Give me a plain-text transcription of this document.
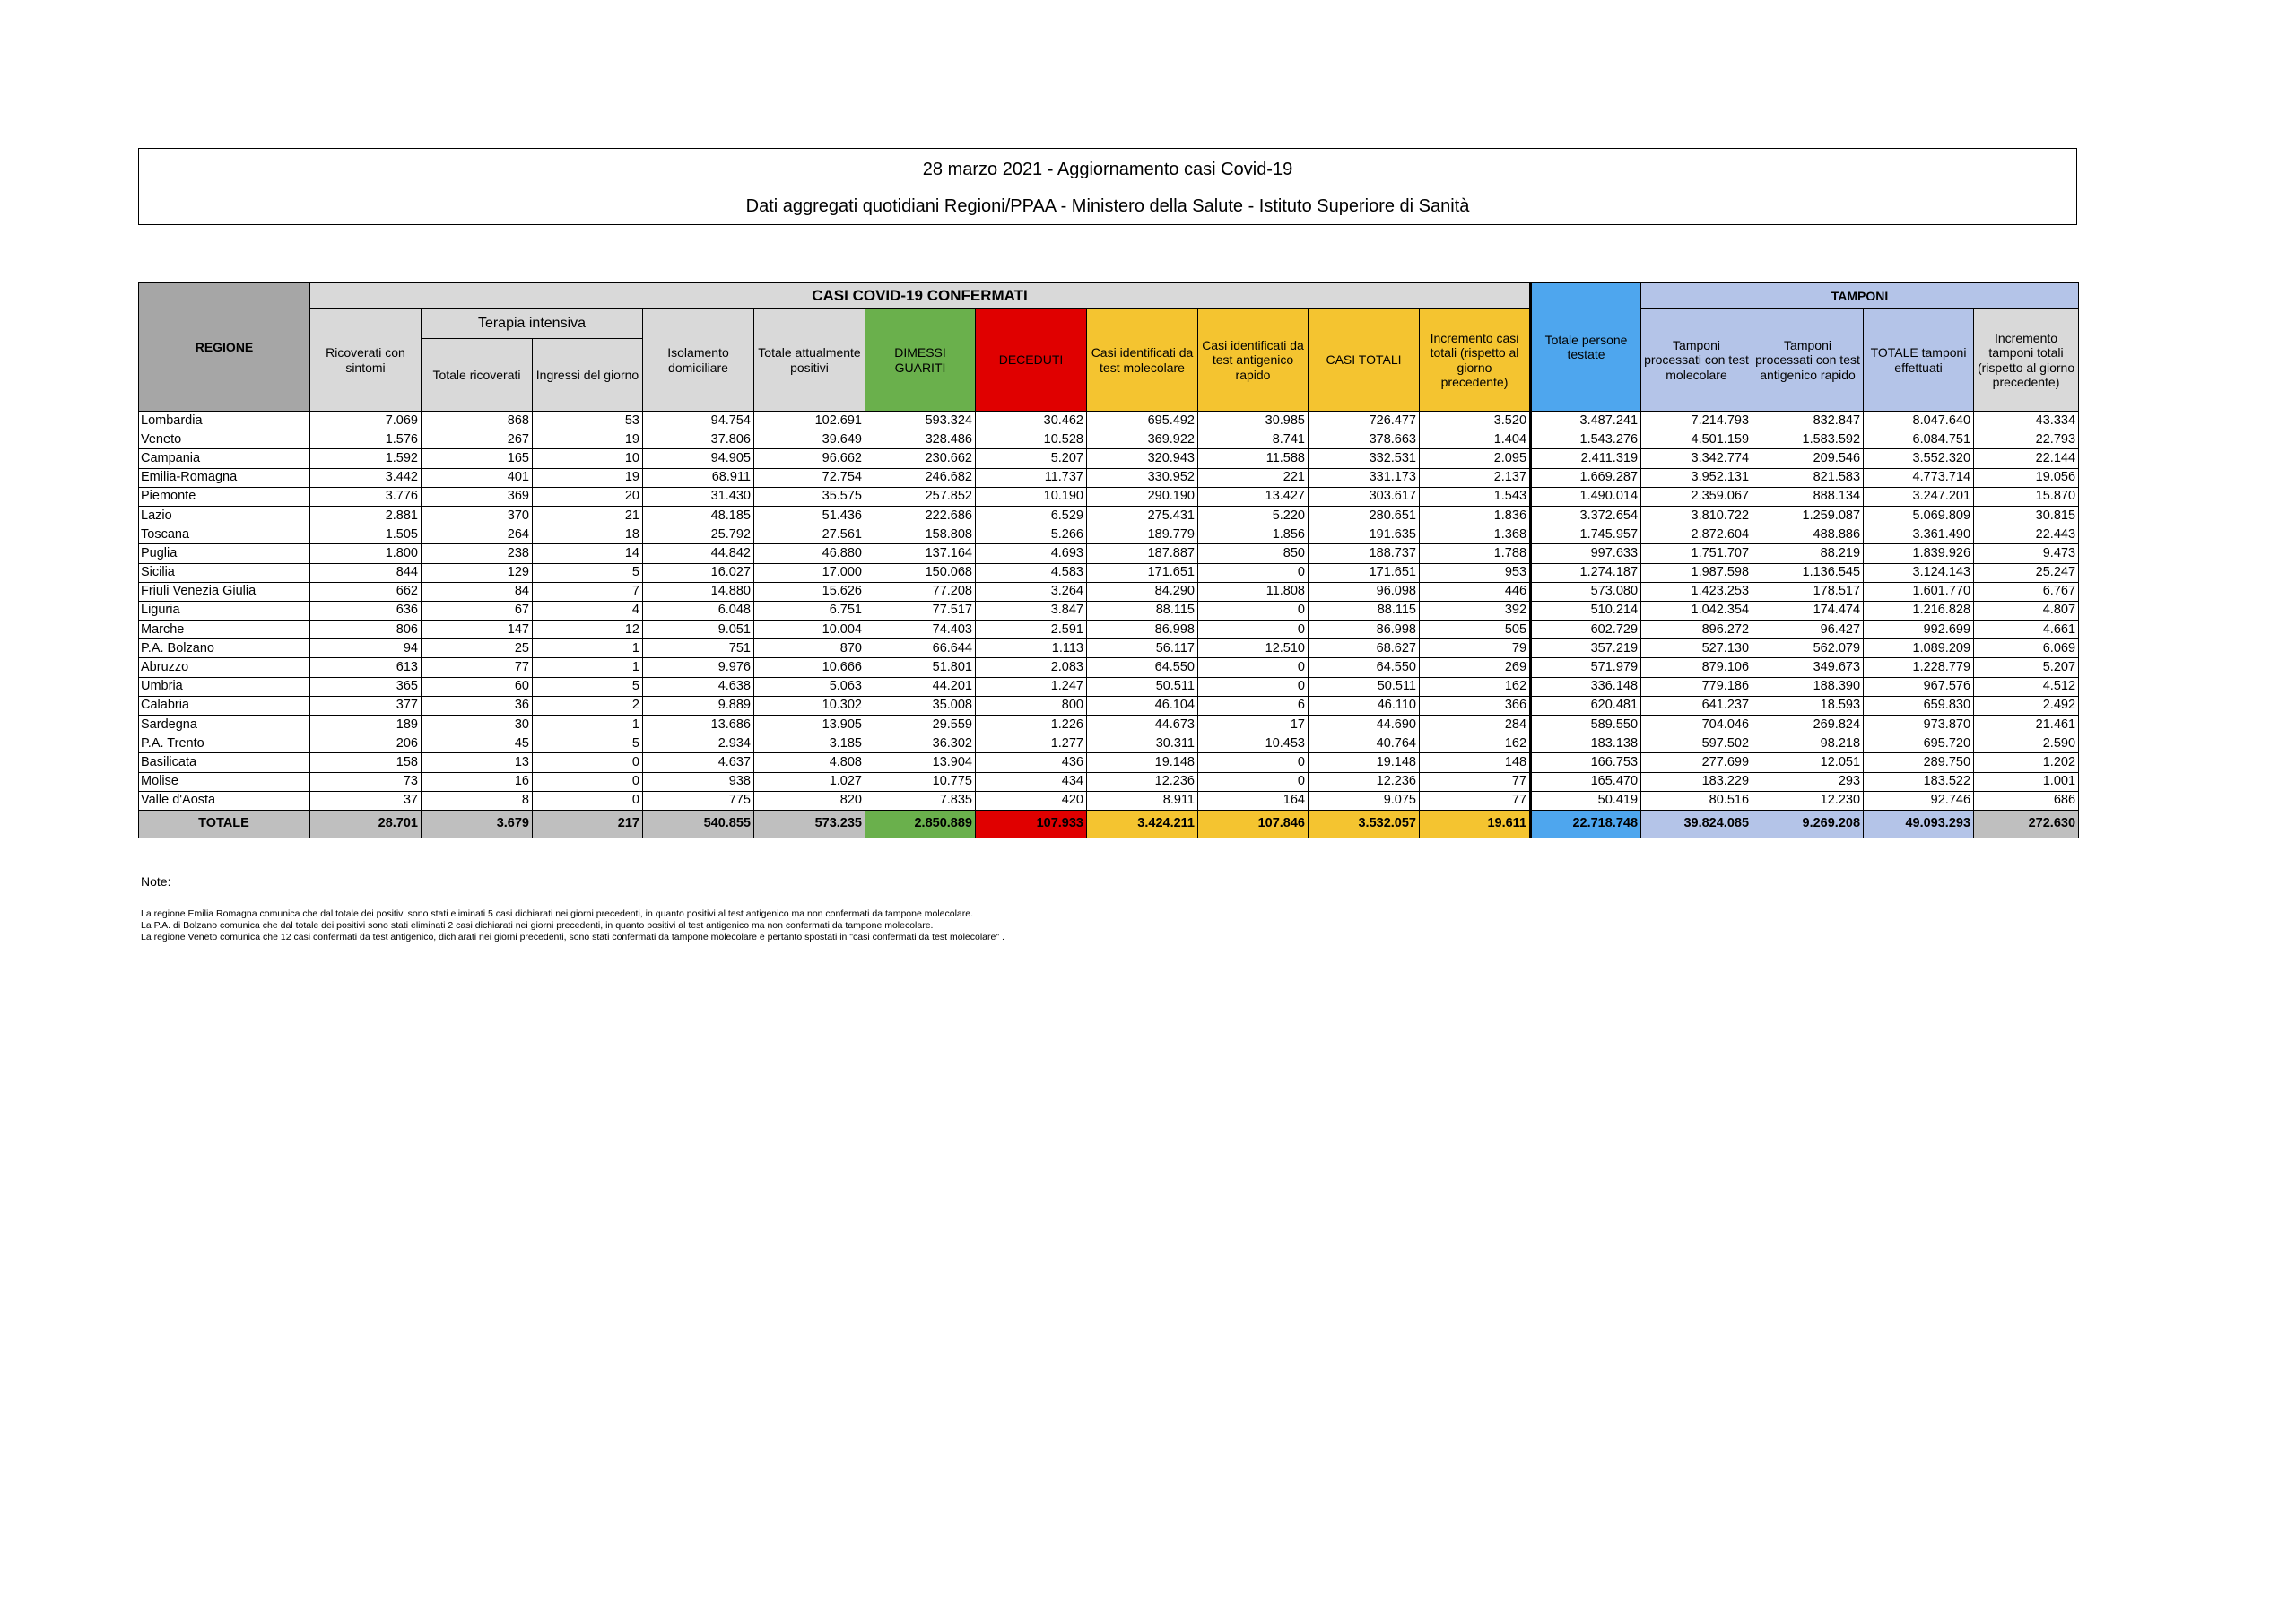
28 marzo 2021 - Aggiornamento casi Covid-19
Dati aggregati quotidiani Regioni/PPAA - Ministero della Salute - Istituto Superiore di Sanità
REGIONE	CASI COVID-19 CONFERMATI											Totale persone testate	TAMPONI			
	Ricoverati con sintomi	Terapia intensiva		Isolamento domiciliare	Totale attualmente positivi	DIMESSI GUARITI	DECEDUTI	Casi identificati da test molecolare	Casi identificati da test antigenico rapido	CASI TOTALI	Incremento casi totali (rispetto al giorno precedente)		Tamponi processati con test molecolare	Tamponi processati con test antigenico rapido	TOTALE tamponi effettuati	Incremento tamponi totali (rispetto al giorno precedente)
		Totale ricoverati	Ingressi del giorno													
Lombardia	7.069	868	53	94.754	102.691	593.324	30.462	695.492	30.985	726.477	3.520	3.487.241	7.214.793	832.847	8.047.640	43.334
Veneto	1.576	267	19	37.806	39.649	328.486	10.528	369.922	8.741	378.663	1.404	1.543.276	4.501.159	1.583.592	6.084.751	22.793
Campania	1.592	165	10	94.905	96.662	230.662	5.207	320.943	11.588	332.531	2.095	2.411.319	3.342.774	209.546	3.552.320	22.144
Emilia-Romagna	3.442	401	19	68.911	72.754	246.682	11.737	330.952	221	331.173	2.137	1.669.287	3.952.131	821.583	4.773.714	19.056
Piemonte	3.776	369	20	31.430	35.575	257.852	10.190	290.190	13.427	303.617	1.543	1.490.014	2.359.067	888.134	3.247.201	15.870
Lazio	2.881	370	21	48.185	51.436	222.686	6.529	275.431	5.220	280.651	1.836	3.372.654	3.810.722	1.259.087	5.069.809	30.815
Toscana	1.505	264	18	25.792	27.561	158.808	5.266	189.779	1.856	191.635	1.368	1.745.957	2.872.604	488.886	3.361.490	22.443
Puglia	1.800	238	14	44.842	46.880	137.164	4.693	187.887	850	188.737	1.788	997.633	1.751.707	88.219	1.839.926	9.473
Sicilia	844	129	5	16.027	17.000	150.068	4.583	171.651	0	171.651	953	1.274.187	1.987.598	1.136.545	3.124.143	25.247
Friuli Venezia Giulia	662	84	7	14.880	15.626	77.208	3.264	84.290	11.808	96.098	446	573.080	1.423.253	178.517	1.601.770	6.767
Liguria	636	67	4	6.048	6.751	77.517	3.847	88.115	0	88.115	392	510.214	1.042.354	174.474	1.216.828	4.807
Marche	806	147	12	9.051	10.004	74.403	2.591	86.998	0	86.998	505	602.729	896.272	96.427	992.699	4.661
P.A. Bolzano	94	25	1	751	870	66.644	1.113	56.117	12.510	68.627	79	357.219	527.130	562.079	1.089.209	6.069
Abruzzo	613	77	1	9.976	10.666	51.801	2.083	64.550	0	64.550	269	571.979	879.106	349.673	1.228.779	5.207
Umbria	365	60	5	4.638	5.063	44.201	1.247	50.511	0	50.511	162	336.148	779.186	188.390	967.576	4.512
Calabria	377	36	2	9.889	10.302	35.008	800	46.104	6	46.110	366	620.481	641.237	18.593	659.830	2.492
Sardegna	189	30	1	13.686	13.905	29.559	1.226	44.673	17	44.690	284	589.550	704.046	269.824	973.870	21.461
P.A. Trento	206	45	5	2.934	3.185	36.302	1.277	30.311	10.453	40.764	162	183.138	597.502	98.218	695.720	2.590
Basilicata	158	13	0	4.637	4.808	13.904	436	19.148	0	19.148	148	166.753	277.699	12.051	289.750	1.202
Molise	73	16	0	938	1.027	10.775	434	12.236	0	12.236	77	165.470	183.229	293	183.522	1.001
Valle d'Aosta	37	8	0	775	820	7.835	420	8.911	164	9.075	77	50.419	80.516	12.230	92.746	686
TOTALE	28.701	3.679	217	540.855	573.235	2.850.889	107.933	3.424.211	107.846	3.532.057	19.611	22.718.748	39.824.085	9.269.208	49.093.293	272.630
Note:
La regione Emilia Romagna comunica che dal totale dei positivi sono stati eliminati 5 casi dichiarati nei giorni precedenti, in quanto positivi al test antigenico ma non confermati da tampone molecolare.
La P.A. di Bolzano comunica che dal totale dei positivi sono stati eliminati 2 casi dichiarati nei giorni precedenti, in quanto positivi al test antigenico ma non confermati da tampone molecolare.
La regione Veneto comunica che 12 casi confermati da test antigenico, dichiarati nei giorni precedenti, sono stati confermati da tampone molecolare e pertanto spostati in "casi confermati da test molecolare" .
